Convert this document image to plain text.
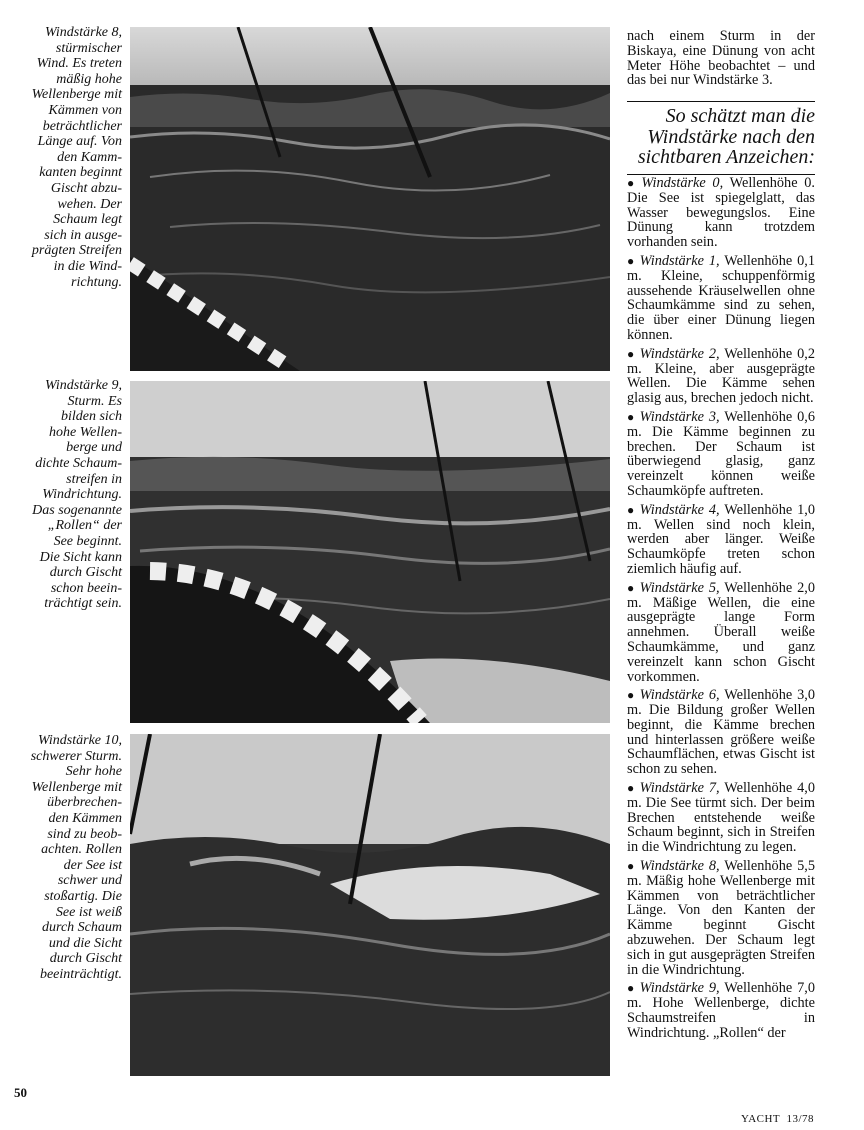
Windstärke 8,
stürmischer
Wind. Es treten
mäßig hohe
Wellenberge mit
Kämmen von
beträchtlicher
Länge auf. Von
den Kamm-
kanten beginnt
Gischt abzu-
wehen. Der
Schaum legt
sich in ausge-
prägten Streifen
in die Wind-
richtung.
Windstärke 9,
Sturm. Es
bilden sich
hohe Wellen-
berge und
dichte Schaum-
streifen in
Windrichtung.
Das sogenannte
„Rollen“ der
See beginnt.
Die Sicht kann
durch Gischt
schon beein-
trächtigt sein.
Windstärke 10,
schwerer Sturm.
Sehr hohe
Wellenberge mit
überbrechen-
den Kämmen
sind zu beob-
achten. Rollen
der See ist
schwer und
stoßartig. Die
See ist weiß
durch Schaum
und die Sicht
durch Gischt
beeinträchtigt.
nach einem Sturm in der Biskaya, eine Dünung von acht Meter Höhe beobachtet – und das bei nur Windstärke 3.
So schätzt man die Windstärke nach den sichtbaren Anzeichen:

● Windstärke 0, Wellenhöhe 0. Die See ist spiegelglatt, das Wasser bewegungslos. Eine Dünung kann trotzdem vorhanden sein.

● Windstärke 1, Wellenhöhe 0,1 m. Kleine, schuppenförmig aussehende Kräuselwellen ohne Schaumkämme sind zu sehen, die über einer Dünung liegen können.

● Windstärke 2, Wellenhöhe 0,2 m. Kleine, aber ausgeprägte Wellen. Die Kämme sehen glasig aus, brechen jedoch nicht.

● Windstärke 3, Wellenhöhe 0,6 m. Die Kämme beginnen zu brechen. Der Schaum ist überwiegend glasig, ganz vereinzelt können weiße Schaumköpfe auftreten.

● Windstärke 4, Wellenhöhe 1,0 m. Wellen sind noch klein, werden aber länger. Weiße Schaumköpfe treten schon ziemlich häufig auf.

● Windstärke 5, Wellenhöhe 2,0 m. Mäßige Wellen, die eine ausgeprägte lange Form annehmen. Überall weiße Schaumkämme, und ganz vereinzelt kann schon Gischt vorkommen.

● Windstärke 6, Wellenhöhe 3,0 m. Die Bildung großer Wellen beginnt, die Kämme brechen und hinterlassen größere weiße Schaumflächen, etwas Gischt ist schon zu sehen.

● Windstärke 7, Wellenhöhe 4,0 m. Die See türmt sich. Der beim Brechen entstehende weiße Schaum beginnt, sich in Streifen in die Windrichtung zu legen.

● Windstärke 8, Wellenhöhe 5,5 m. Mäßig hohe Wellenberge mit Kämmen von beträchtlicher Länge. Von den Kanten der Kämme beginnt Gischt abzuwehen. Der Schaum legt sich in gut ausgeprägten Streifen in die Windrichtung.

● Windstärke 9, Wellenhöhe 7,0 m. Hohe Wellenberge, dichte Schaumstreifen in Windrichtung. „Rollen“ der

50
YACHT  13/78
